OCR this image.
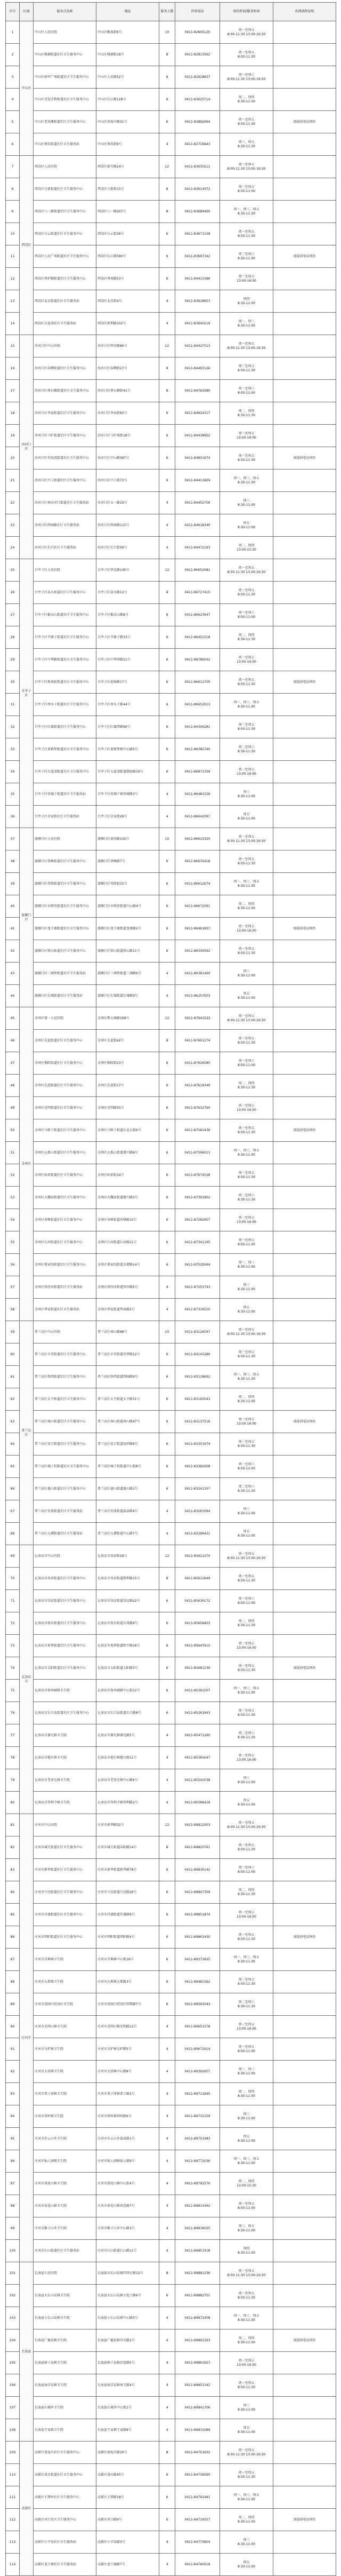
序号	区域	服务点名称	地址	服务人数	咨询电话	预约时间/服务时间	办理流程说明
1	中山区	中山区人民医院	中山区解放街6号	10	0411-82645120	周一至周五
8:00-11:30 13:00-16:30	
2		中山区桃源街道社区卫生服务中心	中山区桃源街18号	8	0411-82813562	周一至周五
8:00-11:30	
3		中山区海军广场街道社区卫生服务中心	中山区人民路52号	8	0411-82628837	周一至周六
8:00-11:30 13:00-16:00	
4		中山区青泥洼桥街道社区卫生服务中心	中山区长江路118号	6	0411-83625714	周二、周四
8:30-11:00	
5		中山区老虎滩街道社区卫生服务中心	中山区滨海中路31号	6	0411-82892064	周一至周五
8:00-11:30	需提前电话预约
6		中山区葵英街道社区卫生服务站	中山区葵英街9号	4	0411-82716843	周三、周五
8:30-11:30	
7	西岗区	西岗区人民医院	西岗区新开路24号	12	0411-83630211	周一至周五
8:00-11:30 13:00-16:30	
8		西岗区日新街道社区卫生服务中心	西岗区日新街15号	8	0411-83614572	周一至周五
8:00-11:00	
9		西岗区八一路街道社区卫生服务中心	西岗区八一路207号	8	0411-83689420	周一、周三、周五
8:30-11:30	
10		西岗区白云街道社区卫生服务中心	西岗区白云街36号	6	0411-83671158	周一至周五
8:00-11:30	
11		西岗区人民广场街道社区卫生服务中心	西岗区长江路580号	6	0411-83697342	周二至周六
8:30-11:30	需提前电话预约
12		西岗区香炉礁街道社区卫生服务中心	西岗区香周路53号	6	0411-84415386	周一至周五
13:00-16:00	
13		西岗区北京街道社区卫生服务站	西岗区北京街4号	4	0411-83618907	周四
8:30-11:00	
14		西岗区大连湾社区卫生服务站	西岗区胜利路102号	4	0411-83640219	周一、周三
8:30-11:00	
15	沙河口区	沙河口区中心医院	沙河口区西安路86号	12	0411-84427513	周一至周五
8:00-11:30 13:00-16:30	
16		沙河口区春柳街道社区卫生服务中心	沙河口区春柳街27号	8	0411-84493126	周一至周五
8:00-11:30	
17		沙河口区黑石礁街道社区卫生服务中心	沙河口区黑石礁街41号	8	0411-84763580	周一至周六
8:00-11:00	
18		沙河口区李家街道社区卫生服务中心	沙河口区李家街62号	6	0411-84624317	周二、周四
8:30-11:30	
19		沙河口区马栏街道社区卫生服务中心	沙河口区马栏南街18号	6	0411-84438952	周一至周五
13:00-16:00	
20		沙河口区星海湾街道社区卫生服务中心	沙河口区中山路587号	6	0411-84801673	周一至周五
8:00-11:30	需提前电话预约
21		沙河口区兴工街道社区卫生服务中心	沙河口区兴工街73号	6	0411-84411829	周一、周三、周五
8:30-11:30	
22		沙河口区南沙河口街道社区卫生服务站	沙河口区五一路29号	4	0411-84452706	周三
8:30-11:00	
23		沙河口区西南路社区卫生服务站	沙河口区西南路115号	4	0411-84618340	周五
8:30-11:00	
24		沙河口区长兴社区卫生服务站	沙河口区长兴街56号	4	0411-84472193	周二、周四
13:00-15:30	
25	甘井子区	甘井子区人民医院	甘井子区华北路145号	12	0411-86652081	周一至周五
8:00-11:30 13:00-16:30	
26		甘井子区泉水街道社区卫生服务中心	甘井子区泉水路12号	8	0411-86727415	周一至周五
8:00-11:30	
27		甘井子区椒金山街道社区卫生服务中心	甘井子区椒金山路8号	8	0411-86623947	周一至周六
8:00-11:00	
28		甘井子区辛寨子街道社区卫生服务中心	甘井子区辛寨子路33号	6	0411-86452318	周二、周四
8:30-11:30	
29		甘井子区中华路街道社区卫生服务中心	甘井子区中华西路21号	6	0411-86786542	周一至周五
13:00-16:00	
30		甘井子区机场前街道社区卫生服务中心	甘井子区迎客路17号	6	0411-86612705	周一至周五
8:00-11:30	需提前电话预约
31		甘井子区周水子街道社区卫生服务中心	甘井子区周水子路44号	6	0411-86652913	周一、周三、周五
8:30-11:30	
32		甘井子区红旗街道社区卫生服务中心	甘井子区红旗西路96号	6	0411-84306281	周一至周五
8:00-11:30	
33		甘井子区革镇堡街道社区卫生服务中心	甘井子区革镇堡镇中心路5号	6	0411-86382740	周二至周六
8:30-11:30	
34		甘井子区大连湾街道社区卫生服务中心	甘井子区大连湾街道渤海路19号	6	0411-86871359	周一至周五
13:00-16:00	
35		甘井子区营城子街道社区卫生服务站	甘井子区营城子镇营城路3号	4	0411-86481526	周三
8:30-11:00	
36		甘井子区金家街社区卫生服务站	甘井子区金家街28号	4	0411-86642097	周五
8:30-11:00	
37	旅顺口区	旅顺口区人民医院	旅顺口区黄河路102号	10	0411-86615320	周一至周五
8:00-11:30 13:00-16:30	
38		旅顺口区登峰街道社区卫生服务中心	旅顺口区登峰路7号	6	0411-86635418	周一至周五
8:00-11:30	
39		旅顺口区得胜街道社区卫生服务中心	旅顺口区得胜街15号	6	0411-86612674	周一、周三、周五
8:30-11:30	
40		旅顺口区水师营街道社区卫生服务中心	旅顺口区水师营街道中心路4号	6	0411-86672091	周二、周四
8:30-11:00	
41		旅顺口区龙王塘街道社区卫生服务中心	旅顺口区龙王塘街道龙塘路2号	6	0411-86461837	周一至周五
13:00-16:00	需提前电话预约
42		旅顺口区铁山街道社区卫生服务中心	旅顺口区铁山街道铁山路11号	6	0411-86345592	周一至周五
8:00-11:30	
43		旅顺口区三涧堡街道社区卫生服务站	旅顺口区三涧堡街道三涧路6号	4	0411-86381460	周三
8:30-11:00	
44		旅顺口区长城街道社区卫生服务站	旅顺口区长城街道长城路9号	4	0411-86257603	周五
8:30-11:00	
45	金州区	金州区第一人民医院	金州区斯大林路168号	12	0411-87641523	周一至周五
8:00-11:30 13:00-16:30	
46		金州区友谊街道社区卫生服务中心	金州区友谊街42号	8	0411-87691274	周一至周五
8:00-11:30	
47		金州区拥政街道社区卫生服务中心	金州区拥政街23号	8	0411-87626085	周一至周六
8:00-11:00	
48		金州区先进街道社区卫生服务中心	金州区先进街17号	6	0411-87618349	周二、周四
8:30-11:30	
49		金州区光明街道社区卫生服务中心	金州区光明路55号	6	0411-87632760	周一至周五
13:00-16:00	
50		金州区马桥子街道社区卫生服务中心	金州区马桥子街道东北大街6号	6	0411-87581436	周一至周五
8:00-11:30	需提前电话预约
51		金州区大孤山街道社区卫生服务中心	金州区大孤山街道港兴路8号	6	0411-87596013	周一、周三、周五
8:30-11:30	
52		金州区站前街道社区卫生服务中心	金州区站前街34号	6	0411-87674528	周一至周五
8:00-11:30	
53		金州区大魏家街道社区卫生服务中心	金州区大魏家街道振兴路3号	6	0411-87391852	周二至周六
8:30-11:30	
54		金州区杏树街道社区卫生服务中心	金州区杏树街道杏林路10号	6	0411-87282607	周一至周五
13:00-16:00	
55		金州区石河街道社区卫生服务中心	金州区石河街道石河路21号	6	0411-87341195	周一至周五
8:00-11:30	
56		金州区董家沟街道社区卫生服务中心	金州区董家沟街道金港路14号	6	0411-87528364	周一、周三
8:30-11:00	
57		金州区登沙河街道社区卫生服务站	金州区登沙河街道登沙路5号	4	0411-87251743	周三
8:30-11:00	
58		金州区华家街道社区卫生服务站	金州区华家街道华家路2号	4	0411-87316520	周五
8:30-11:00	
59	普兰店区	普兰店区中心医院	普兰店区南山路88号	10	0411-83126547	周一至周五
8:00-11:30 13:00-16:30	
60		普兰店区丰荣街道社区卫生服务中心	普兰店区丰荣街道荣华路12号	6	0411-83143280	周一至周五
8:00-11:30	
61		普兰店区铁西街道社区卫生服务中心	普兰店区铁西街道西园路9号	6	0411-83118692	周一、周三、周五
8:30-11:30	
62		普兰店区太平街道社区卫生服务中心	普兰店区太平街道太平路31号	6	0411-83162043	周二、周四
8:30-11:00	
63		普兰店区南山街道社区卫生服务中心	普兰店区南山街道南山路47号	6	0411-83137516	周一至周五
13:00-16:00	需提前电话预约
64		普兰店区皮口街道社区卫生服务中心	普兰店区皮口街道海滨路6号	6	0411-83351974	周一至周五
8:00-11:30	
65		普兰店区城子坦街道社区卫生服务中心	普兰店区城子坦街道中心街8号	6	0411-83382608	周一至周六
8:00-11:00	
66		普兰店区莲山街道社区卫生服务中心	普兰店区莲山街道莲山路2号	6	0411-83241357	周二至周六
8:30-11:30	
67		普兰店区安波街道社区卫生服务站	普兰店区安波街道温泉路4号	4	0411-83261094	周三
8:30-11:00	
68		普兰店区大谭街道社区卫生服务站	普兰店区大谭街道中心路7号	4	0411-83296431	周五
8:30-11:00	
69	瓦房店市	瓦房店市中心医院	瓦房店市共济街29号	12	0411-85621370	周一至周五
8:00-11:30 13:00-16:30	
70		瓦房店市共济街道社区卫生服务中心	瓦房店市共济街道胜利路15号	8	0411-85612849	周一至周五
8:00-11:30	
71		瓦房店市岗店街道社区卫生服务中心	瓦房店市岗店街道岗店路22号	6	0411-85636172	周一至周六
8:00-11:00	
72		瓦房店市铁东街道社区卫生服务中心	瓦房店市铁东街道东风路9号	6	0411-85658403	周二、周四
8:30-11:30	
73		瓦房店市祝华街道社区卫生服务中心	瓦房店市祝华街道和平路18号	6	0411-85647915	周一至周五
13:00-16:00	
74		瓦房店市太阳街道社区卫生服务中心	瓦房店市太阳街道太阳路3号	6	0411-85681236	周一至周五
8:00-11:30	需提前电话预约
75		瓦房店市复州城镇卫生院	瓦房店市复州城镇中心街12号	6	0411-85391507	周一、周三、周五
8:30-11:30	
76		瓦房店市长兴岛街道社区卫生服务中心	瓦房店市长兴岛街道长兴路8号	6	0411-85261843	周一至周五
8:00-11:30	
77		瓦房店市谢屯镇卫生院	瓦房店市谢屯镇谢屯路5号	4	0411-85471290	周二至周六
8:30-11:30	
78		瓦房店市炮台镇卫生院	瓦房店市炮台镇炮台路11号	4	0411-85381647	周一至周五
13:00-16:00	
79		瓦房店市老虎屯镇卫生院	瓦房店市老虎屯镇中心路6号	4	0411-85542038	周三
8:30-11:00	
80		瓦房店市得利寺镇卫生院	瓦房店市得利寺镇得利路2号	4	0411-85586419	周五
8:30-11:00	
81	庄河市	庄河市中心医院	庄河市新华路32号	12	0411-89812503	周一至周五
8:00-11:30 13:00-16:30	
82		庄河市城关街道社区卫生服务中心	庄河市城关街道向阳路14号	8	0411-89825761	周一至周五
8:00-11:30	
83		庄河市新华街道社区卫生服务中心	庄河市新华街道新华路78号	8	0411-89836142	周一至周六
8:00-11:00	
84		庄河市兴达街道社区卫生服务中心	庄河市兴达街道兴达路26号	6	0411-89847309	周二、周四
8:30-11:30	
85		庄河市昌盛街道社区卫生服务中心	庄河市昌盛街道昌盛路9号	6	0411-89851874	周一至周五
13:00-16:00	
86		庄河市明阳街道社区卫生服务中心	庄河市明阳街道明阳路4号	6	0411-89862430	周一至周五
8:00-11:30	需提前电话预约
87		庄河市青堆镇卫生院	庄河市青堆镇中心街16号	6	0411-89371825	周一、周三、周五
8:30-11:30	
88		庄河市大郑镇卫生院	庄河市大郑镇大郑路3号	6	0411-89481562	周一至周五
8:00-11:30	
89		庄河市花园口经济区卫生院	庄河市花园口经济区明珠路7号	6	0411-89591043	周二至周六
8:30-11:30	
90		庄河市光明山镇卫生院	庄河市光明山镇光明路12号	4	0411-89651378	周一至周五
13:00-16:00	
91		庄河市吴炉镇卫生院	庄河市吴炉镇吴炉路5号	4	0411-89672914	周一至周五
8:00-11:30	
92		庄河市大营镇卫生院	庄河市大营镇中心路8号	4	0411-89392607	周一、周三
8:30-11:00	
93		庄河市栗子房镇卫生院	庄河市栗子房镇栗子路2号	4	0411-89711845	周二、周四
8:30-11:00	
94		庄河市塔岭镇卫生院	庄河市塔岭镇塔岭路6号	4	0411-89732159	周三
8:30-11:00	
95		庄河市步云山乡卫生院	庄河市步云山乡温泉路1号	4	0411-89751483	周五
8:30-11:00	
96		庄河市仙人洞镇卫生院	庄河市仙人洞镇仙人路9号	4	0411-89772036	周一、周三、周五
8:30-11:00	
97		庄河市蓉花山镇卫生院	庄河市蓉花山镇中心街4号	4	0411-89791570	周二、周四
13:00-15:30	
98		庄河市荷花山镇卫生院	庄河市荷花山镇荷花路7号	4	0411-89814362	周一至周五
8:00-11:00	
99		庄河市鞍子山乡卫生院	庄河市鞍子山乡中心路3号	4	0411-89836025	周三、周五
8:30-11:00	
100		庄河市石山街道社区卫生服务站	庄河市石山街道石山路11号	4	0411-89857418	周四
8:30-11:00	
101	长海县	长海县人民医院	长海县大长山岛镇四块石路12号	8	0411-89881236	周一至周五
8:00-11:30 13:00-16:30	
102		长海县大长山岛镇卫生院	长海县大长山岛镇小泡子路6号	6	0411-89882751	周一至周五
8:00-11:30	
103		长海县小长山岛镇卫生院	长海县小长山岛镇中心路3号	4	0411-89871408	周一、周三、周五
8:30-11:30	
104		长海县广鹿岛镇卫生院	长海县广鹿岛镇沙尖路2号	4	0411-89891563	周二、周四
8:30-11:00	需提前电话预约
105		长海县獐子岛镇卫生院	长海县獐子岛镇沙包路5号	4	0411-89861927	周一至周五
13:00-16:00	
106		长海县海洋岛镇卫生院	长海县海洋岛镇南玉路4号	4	0411-89851342	周一至周五
8:00-11:30	
107		长海县石城乡卫生院	长海县石城乡中心街1号	4	0411-89841706	周三
8:30-11:00	
108		长海县王家镇卫生院	长海县王家镇王家路8号	4	0411-89831089	周五
8:30-11:00	
109	高新区	高新区黄泥川社区卫生服务中心	高新区黄泥川路26号	8	0411-84751632	周一至周五
8:00-11:30 13:00-16:30	
110		高新区凌水街道社区卫生服务中心	高新区凌水路45号	6	0411-84736095	周一至周五
8:00-11:30	
111		高新区七贤岭社区卫生服务中心	高新区七贤路18号	6	0411-84792481	周一、周三、周五
8:30-11:30	
112		高新区河口社区卫生服务中心	高新区河口路9号	6	0411-84718357	周二、周四
8:30-11:00	需提前电话预约
113		高新区小平岛社区卫生服务站	高新区小平岛路3号	4	0411-84773604	周三
8:30-11:00	
114		高新区龙王塘社区卫生服务站	高新区龙王塘路7号	4	0411-84760918	周五
8:30-11:00	
